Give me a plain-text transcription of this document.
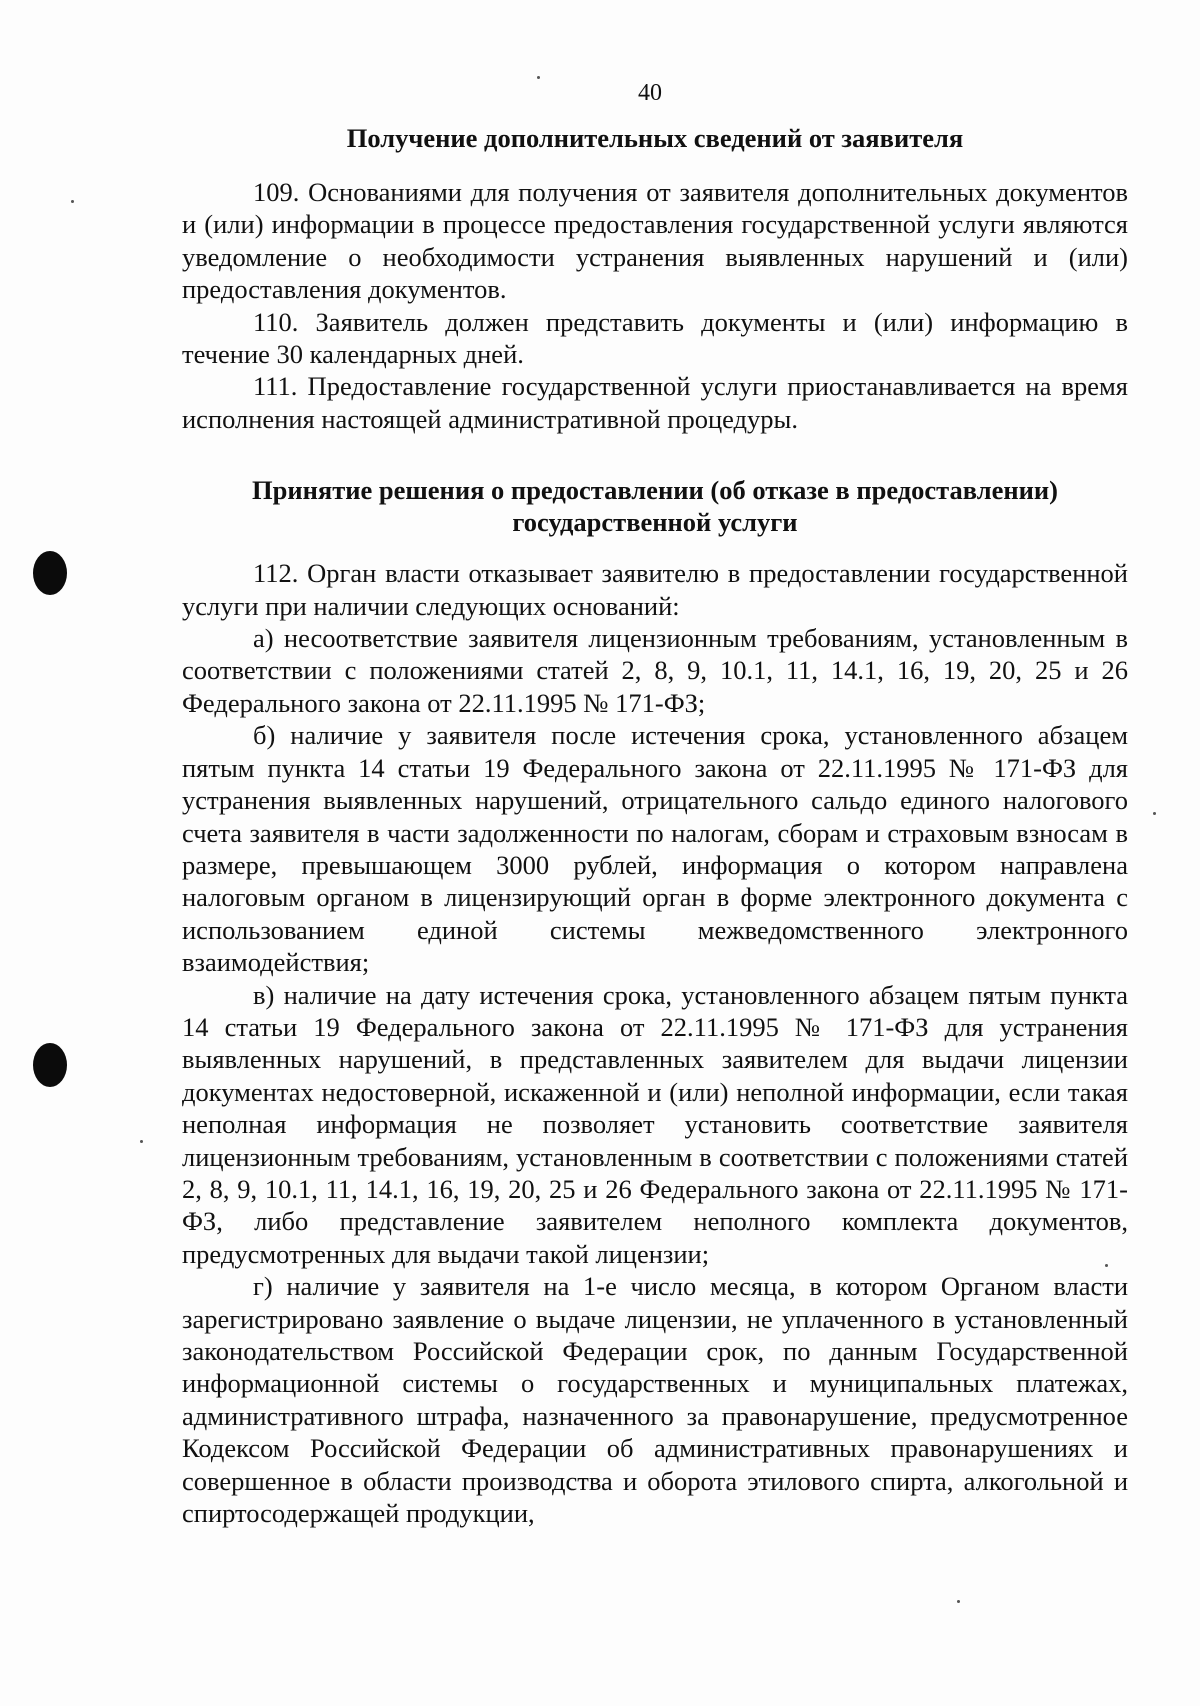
40
Получение дополнительных сведений от заявителя

109. Основаниями для получения от заявителя дополнительных документов и (или) информации в процессе предоставления государственной услуги являются уведомление о необходимости устранения выявленных нарушений и (или) предоставления документов.

110. Заявитель должен представить документы и (или) информацию в течение 30 календарных дней.

111. Предоставление государственной услуги приостанавливается на время исполнения настоящей административной процедуры.

Принятие решения о предоставлении (об отказе в предоставлении) государственной услуги

112. Орган власти отказывает заявителю в предоставлении государственной услуги при наличии следующих оснований:

а) несоответствие заявителя лицензионным требованиям, установленным в соответствии с положениями статей 2, 8, 9, 10.1, 11, 14.1, 16, 19, 20, 25 и 26 Федерального закона от 22.11.1995 № 171-ФЗ;

б) наличие у заявителя после истечения срока, установленного абзацем пятым пункта 14 статьи 19 Федерального закона от 22.11.1995 № 171-ФЗ для устранения выявленных нарушений, отрицательного сальдо единого налогового счета заявителя в части задолженности по налогам, сборам и страховым взносам в размере, превышающем 3000 рублей, информация о котором направлена налоговым органом в лицензирующий орган в форме электронного документа с использованием единой системы межведомственного электронного взаимодействия;

в) наличие на дату истечения срока, установленного абзацем пятым пункта 14 статьи 19 Федерального закона от 22.11.1995 № 171-ФЗ для устранения выявленных нарушений, в представленных заявителем для выдачи лицензии документах недостоверной, искаженной и (или) неполной информации, если такая неполная информация не позволяет установить соответствие заявителя лицензионным требованиям, установленным в соответствии с положениями статей 2, 8, 9, 10.1, 11, 14.1, 16, 19, 20, 25 и 26 Федерального закона от 22.11.1995 № 171-ФЗ, либо представление заявителем неполного комплекта документов, предусмотренных для выдачи такой лицензии;

г) наличие у заявителя на 1-е число месяца, в котором Органом власти зарегистрировано заявление о выдаче лицензии, не уплаченного в установленный законодательством Российской Федерации срок, по данным Государственной информационной системы о государственных и муниципальных платежах, административного штрафа, назначенного за правонарушение, предусмотренное Кодексом Российской Федерации об административных правонарушениях и совершенное в области производства и оборота этилового спирта, алкогольной и спиртосодержащей продукции,
